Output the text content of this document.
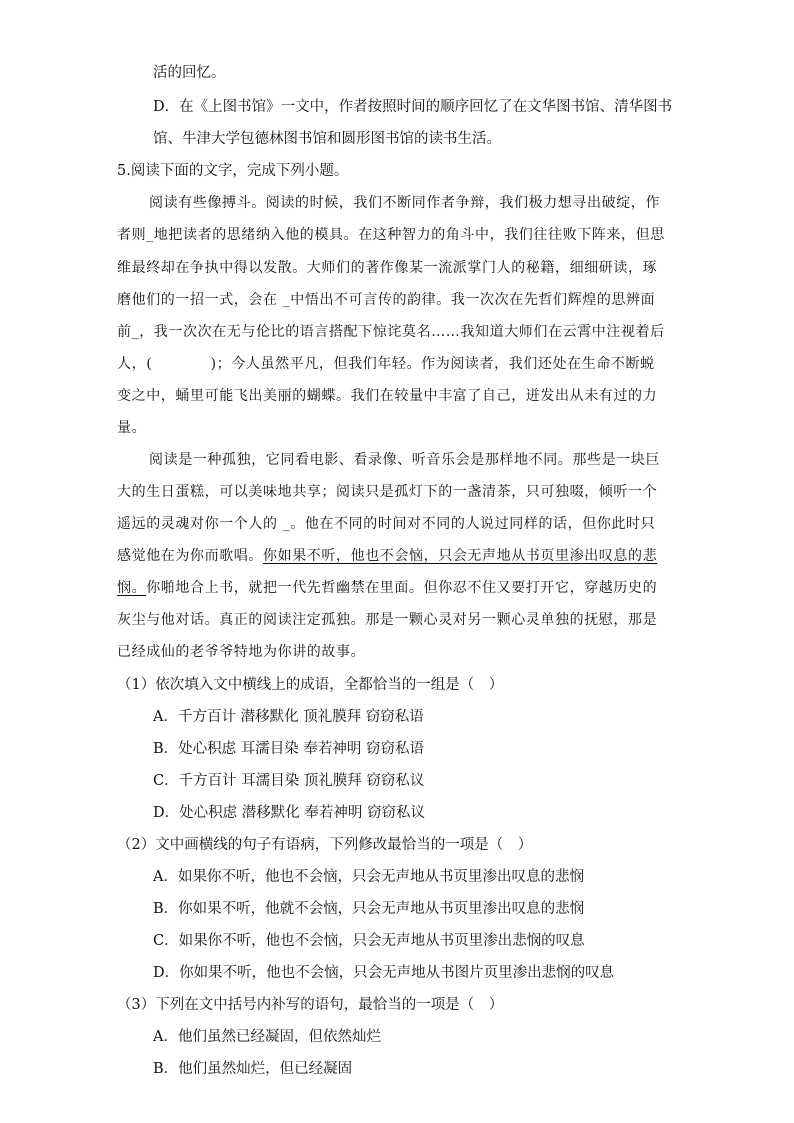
活的回忆。
D．在《上图书馆》一文中，作者按照时间的顺序回忆了在文华图书馆、清华图书
馆、牛津大学包德林图书馆和圆形图书馆的读书生活。
5.阅读下面的文字，完成下列小题。
阅读有些像搏斗。阅读的时候，我们不断同作者争辩，我们极力想寻出破绽，作
者则_地把读者的思绪纳入他的模具。在这种智力的角斗中，我们往往败下阵来，但思
维最终却在争执中得以发散。大师们的著作像某一流派掌门人的秘籍，细细研读，琢
磨他们的一招一式，会在 _中悟出不可言传的韵律。我一次次在先哲们辉煌的思辨面
前_，我一次次在无与伦比的语言搭配下惊诧莫名……我知道大师们在云霄中注视着后
人，(　　　　)；今人虽然平凡，但我们年轻。作为阅读者，我们还处在生命不断蜕
变之中，蛹里可能飞出美丽的蝴蝶。我们在较量中丰富了自己，迸发出从未有过的力
量。
阅读是一种孤独，它同看电影、看录像、听音乐会是那样地不同。那些是一块巨
大的生日蛋糕，可以美味地共享；阅读只是孤灯下的一盏清茶，只可独啜，倾听一个
遥远的灵魂对你一个人的 _。他在不同的时间对不同的人说过同样的话，但你此时只
感觉他在为你而歌唱。你如果不听，他也不会恼，只会无声地从书页里渗出叹息的悲
悯。你啪地合上书，就把一代先哲幽禁在里面。但你忍不住又要打开它，穿越历史的
灰尘与他对话。真正的阅读注定孤独。那是一颗心灵对另一颗心灵单独的抚慰，那是
已经成仙的老爷爷特地为你讲的故事。
（1）依次填入文中横线上的成语，全都恰当的一组是（　）
A．千方百计 潜移默化 顶礼膜拜 窃窃私语
B．处心积虑 耳濡目染 奉若神明 窃窃私语
C．千方百计 耳濡目染 顶礼膜拜 窃窃私议
D．处心积虑 潜移默化 奉若神明 窃窃私议
（2）文中画横线的句子有语病，下列修改最恰当的一项是（　）
A．如果你不听，他也不会恼，只会无声地从书页里渗出叹息的悲悯
B．你如果不听，他就不会恼，只会无声地从书页里渗出叹息的悲悯
C．如果你不听，他也不会恼，只会无声地从书页里渗出悲悯的叹息
D．你如果不听，他也不会恼，只会无声地从书图片页里渗出悲悯的叹息
（3）下列在文中括号内补写的语句，最恰当的一项是（　）
A．他们虽然已经凝固，但依然灿烂
B．他们虽然灿烂，但已经凝固
